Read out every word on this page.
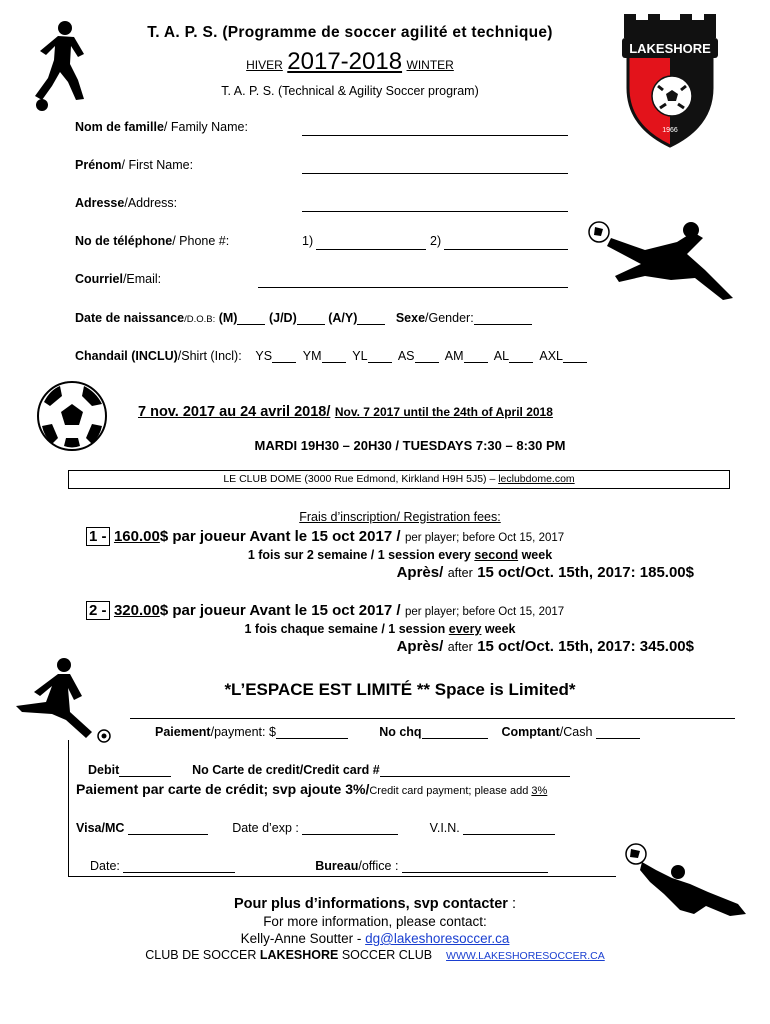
LAKESHORE
1966
T. A. P. S. (Programme de soccer agilité et technique)
HIVER 2017-2018 WINTER
T. A. P. S. (Technical & Agility Soccer program)
Nom de famille/ Family Name:
Prénom/ First Name:
Adresse/Address:
No de téléphone/ Phone #:	1)	2)
Courriel/Email:
Date de naissance/D.O.B: (M)	(J/D)	(A/Y)	Sexe/Gender:
Chandail (INCLU)/Shirt (Incl): YS YM YL AS AM AL AXL
7 nov. 2017 au 24 avril 2018/ Nov. 7 2017 until the 24th of April 2018
MARDI 19H30 – 20H30 / TUESDAYS 7:30 – 8:30 PM
LE CLUB DOME (3000 Rue Edmond, Kirkland H9H 5J5) – leclubdome.com
Frais d’inscription/ Registration fees:
1 - 160.00$ par joueur Avant le 15 oct 2017 / per player; before Oct 15, 2017
1 fois sur 2 semaine / 1 session every second week
Après/ after 15 oct/Oct. 15th, 2017: 185.00$
2 - 320.00$ par joueur Avant le 15 oct 2017 / per player; before Oct 15, 2017
1 fois chaque semaine / 1 session every week
Après/ after 15 oct/Oct. 15th, 2017: 345.00$
*L’ESPACE EST LIMITÉ ** Space is Limited*
Paiement/payment: $	No chq	Comptant/Cash
Debit	No Carte de credit/Credit card #
Paiement par carte de crédit; svp ajoute 3%/Credit card payment; please add 3%
Visa/MC	Date d’exp :	V.I.N.
Date:	Bureau/office :
Pour plus d’informations, svp contacter :
For more information, please contact:
Kelly-Anne Soutter - dg@lakeshoresoccer.ca
CLUB DE SOCCER LAKESHORE SOCCER CLUB WWW.LAKESHORESOCCER.CA
